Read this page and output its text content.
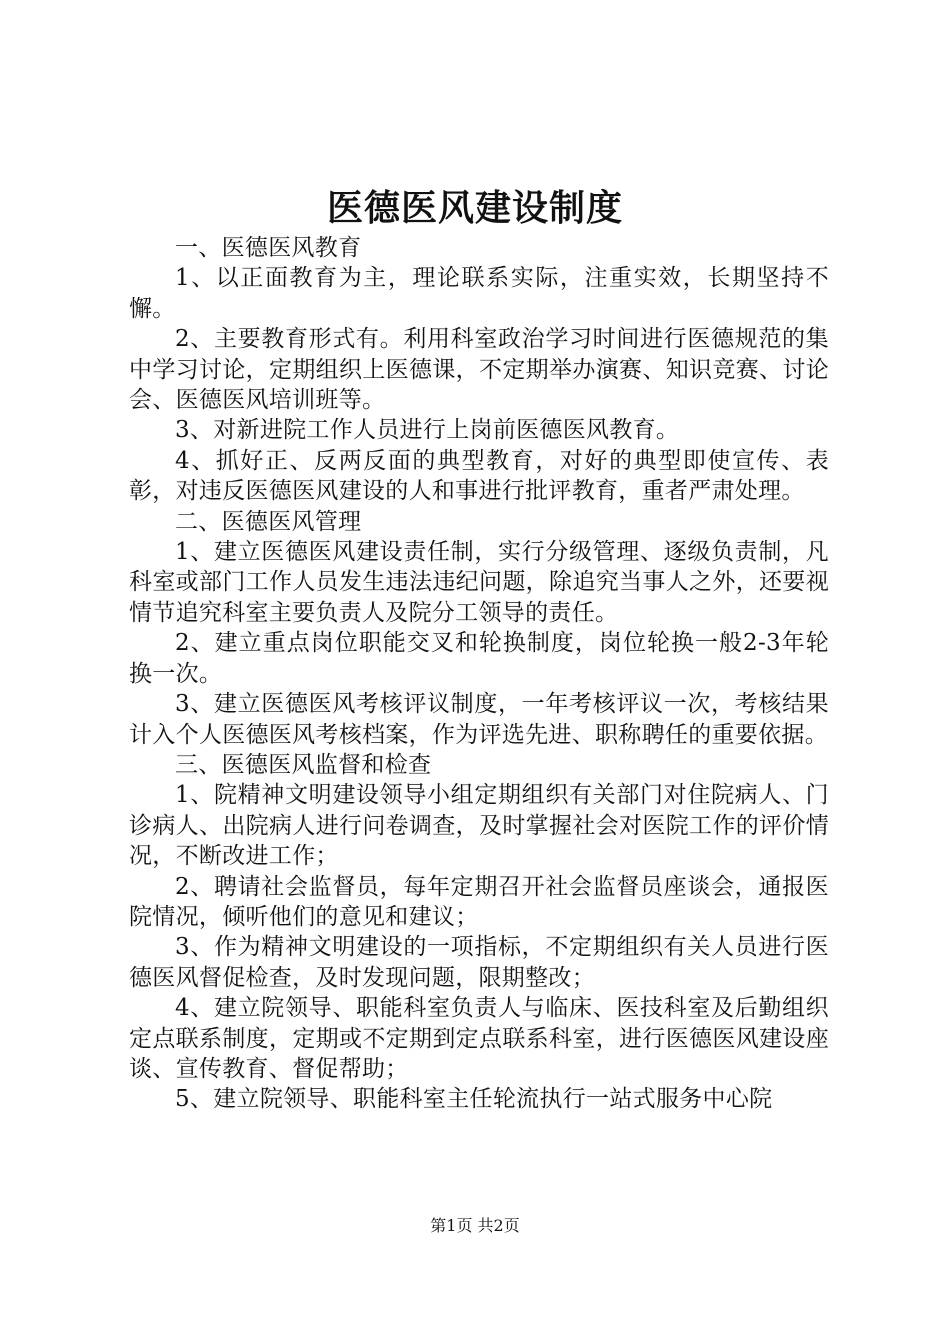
医德医风建设制度

一、医德医风教育

1、以正面教育为主，理论联系实际，注重实效，长期坚持不懈。

2、主要教育形式有。利用科室政治学习时间进行医德规范的集中学习讨论，定期组织上医德课，不定期举办演赛、知识竞赛、讨论会、医德医风培训班等。

3、对新进院工作人员进行上岗前医德医风教育。

4、抓好正、反两反面的典型教育，对好的典型即使宣传、表彰，对违反医德医风建设的人和事进行批评教育，重者严肃处理。

二、医德医风管理

1、建立医德医风建设责任制，实行分级管理、逐级负责制，凡科室或部门工作人员发生违法违纪问题，除追究当事人之外，还要视情节追究科室主要负责人及院分工领导的责任。

2、建立重点岗位职能交叉和轮换制度，岗位轮换一般2-3年轮换一次。

3、建立医德医风考核评议制度，一年考核评议一次，考核结果计入个人医德医风考核档案，作为评选先进、职称聘任的重要依据。

三、医德医风监督和检查

1、院精神文明建设领导小组定期组织有关部门对住院病人、门诊病人、出院病人进行问卷调查，及时掌握社会对医院工作的评价情况，不断改进工作；

2、聘请社会监督员，每年定期召开社会监督员座谈会，通报医院情况，倾听他们的意见和建议；

3、作为精神文明建设的一项指标，不定期组织有关人员进行医德医风督促检查，及时发现问题，限期整改；

4、建立院领导、职能科室负责人与临床、医技科室及后勤组织定点联系制度，定期或不定期到定点联系科室，进行医德医风建设座谈、宣传教育、督促帮助；

5、建立院领导、职能科室主任轮流执行一站式服务中心院

第1页 共2页
